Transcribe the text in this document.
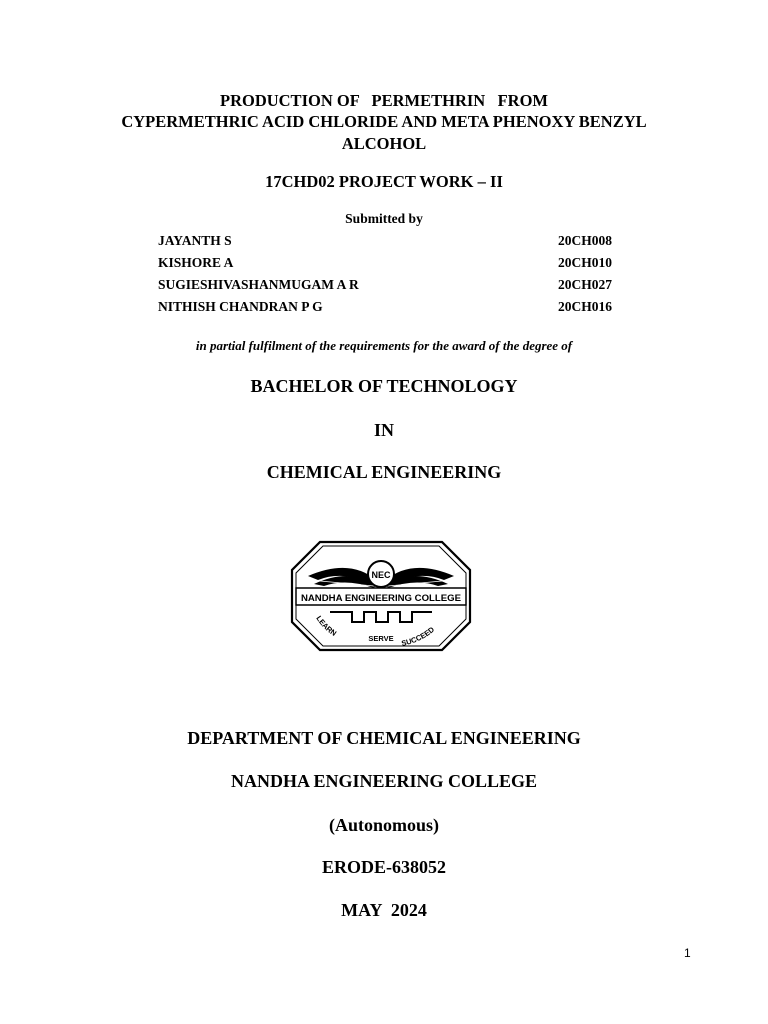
PRODUCTION OF   PERMETHRIN   FROM
CYPERMETHRIC ACID CHLORIDE AND META PHENOXY BENZYL
ALCOHOL
17CHD02 PROJECT WORK – II
Submitted by
JAYANTH S	20CH008
KISHORE A	20CH010
SUGIESHIVASHANMUGAM A R	20CH027
NITHISH CHANDRAN P G	20CH016
in partial fulfilment of the requirements for the award of the degree of
BACHELOR OF TECHNOLOGY
IN
CHEMICAL ENGINEERING
NEC
NANDHA ENGINEERING COLLEGE
LEARN
SUCCEED
SERVE
DEPARTMENT OF CHEMICAL ENGINEERING
NANDHA ENGINEERING COLLEGE
(Autonomous)
ERODE-638052
MAY  2024
1
